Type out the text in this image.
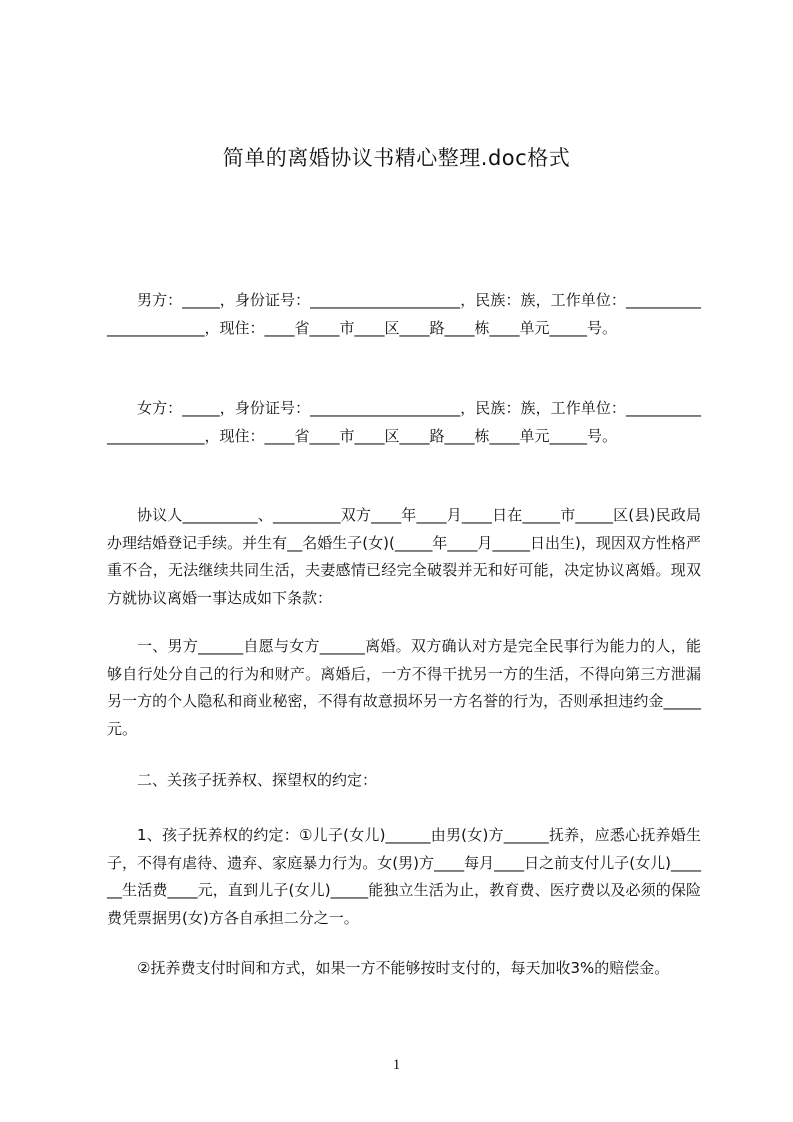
简单的离婚协议书精心整理.doc格式

男方：_____，身份证号：____________________，民族：族，工作单位：_______________________，现住：____省____市____区____路____栋____单元_____号。

女方：_____，身份证号：____________________，民族：族，工作单位：_______________________，现住：____省____市____区____路____栋____单元_____号。

协议人__________、_________双方____年____月____日在_____市_____区(县)民政局办理结婚登记手续。并生有__名婚生子(女)(_____年____月_____日出生)，现因双方性格严重不合，无法继续共同生活，夫妻感情已经完全破裂并无和好可能，决定协议离婚。现双方就协议离婚一事达成如下条款：

一、男方______自愿与女方______离婚。双方确认对方是完全民事行为能力的人，能够自行处分自己的行为和财产。离婚后，一方不得干扰另一方的生活，不得向第三方泄漏另一方的个人隐私和商业秘密，不得有故意损坏另一方名誉的行为，否则承担违约金_____元。

二、关孩子抚养权、探望权的约定：

1、孩子抚养权的约定：①儿子(女儿)______由男(女)方______抚养，应悉心抚养婚生子，不得有虐待、遗弃、家庭暴力行为。女(男)方____每月____日之前支付儿子(女儿)______生活费____元，直到儿子(女儿)_____能独立生活为止，教育费、医疗费以及必须的保险费凭票据男(女)方各自承担二分之一。

②抚养费支付时间和方式，如果一方不能够按时支付的，每天加收3%的赔偿金。

1
